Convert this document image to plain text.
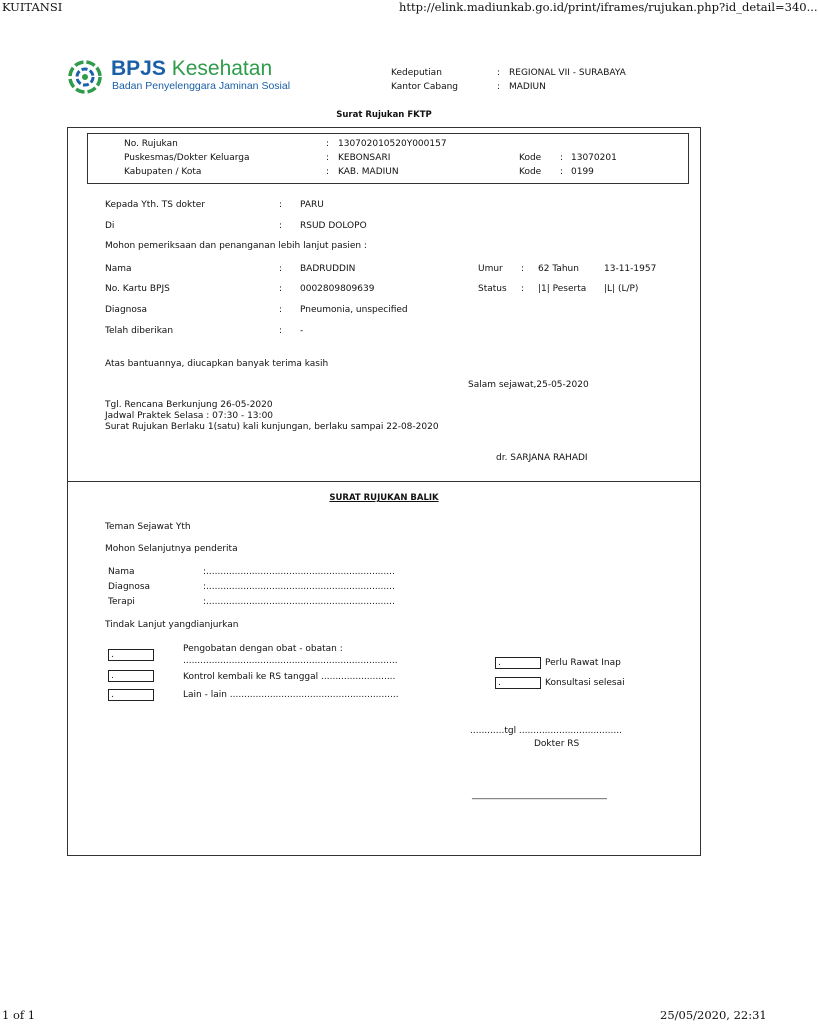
KUITANSI	http://elink.madiunkab.go.id/print/iframes/rujukan.php?id_detail=340...
1 of 1	25/05/2020, 22:31
BPJS Kesehatan
Badan Penyelenggara Jaminan Sosial
Kedeputian	: REGIONAL VII - SURABAYA
Kantor Cabang	: MADIUN
Surat Rujukan FKTP
No. Rujukan	: 130702010520Y000157
Puskesmas/Dokter Keluarga	: KEBONSARI	Kode : 13070201
Kabupaten / Kota	: KAB. MADIUN	Kode : 0199
Kepada Yth. TS dokter	: PARU
Di	: RSUD DOLOPO
Mohon pemeriksaan dan penanganan lebih lanjut pasien :
Nama	: BADRUDDIN	Umur : 62 Tahun	13-11-1957
No. Kartu BPJS	: 0002809809639	Status : |1| Peserta |L| (L/P)
Diagnosa	: Pneumonia, unspecified
Telah diberikan	: -
Atas bantuannya, diucapkan banyak terima kasih
Salam sejawat,25-05-2020
Tgl. Rencana Berkunjung 26-05-2020
Jadwal Praktek Selasa : 07:30 - 13:00
Surat Rujukan Berlaku 1(satu) kali kunjungan, berlaku sampai 22-08-2020
dr. SARJANA RAHADI
SURAT RUJUKAN BALIK
Teman Sejawat Yth
Mohon Selanjutnya penderita
Nama	:..................................................................
Diagnosa	:..................................................................
Terapi	:..................................................................
Tindak Lanjut yangdianjurkan
.
Pengobatan dengan obat - obatan :
...........................................................................
.	Kontrol kembali ke RS tanggal ..........................
.	Lain - lain ...........................................................
.	Perlu Rawat Inap
.	Konsultasi selesai
............tgl ....................................
Dokter RS
______________________________
